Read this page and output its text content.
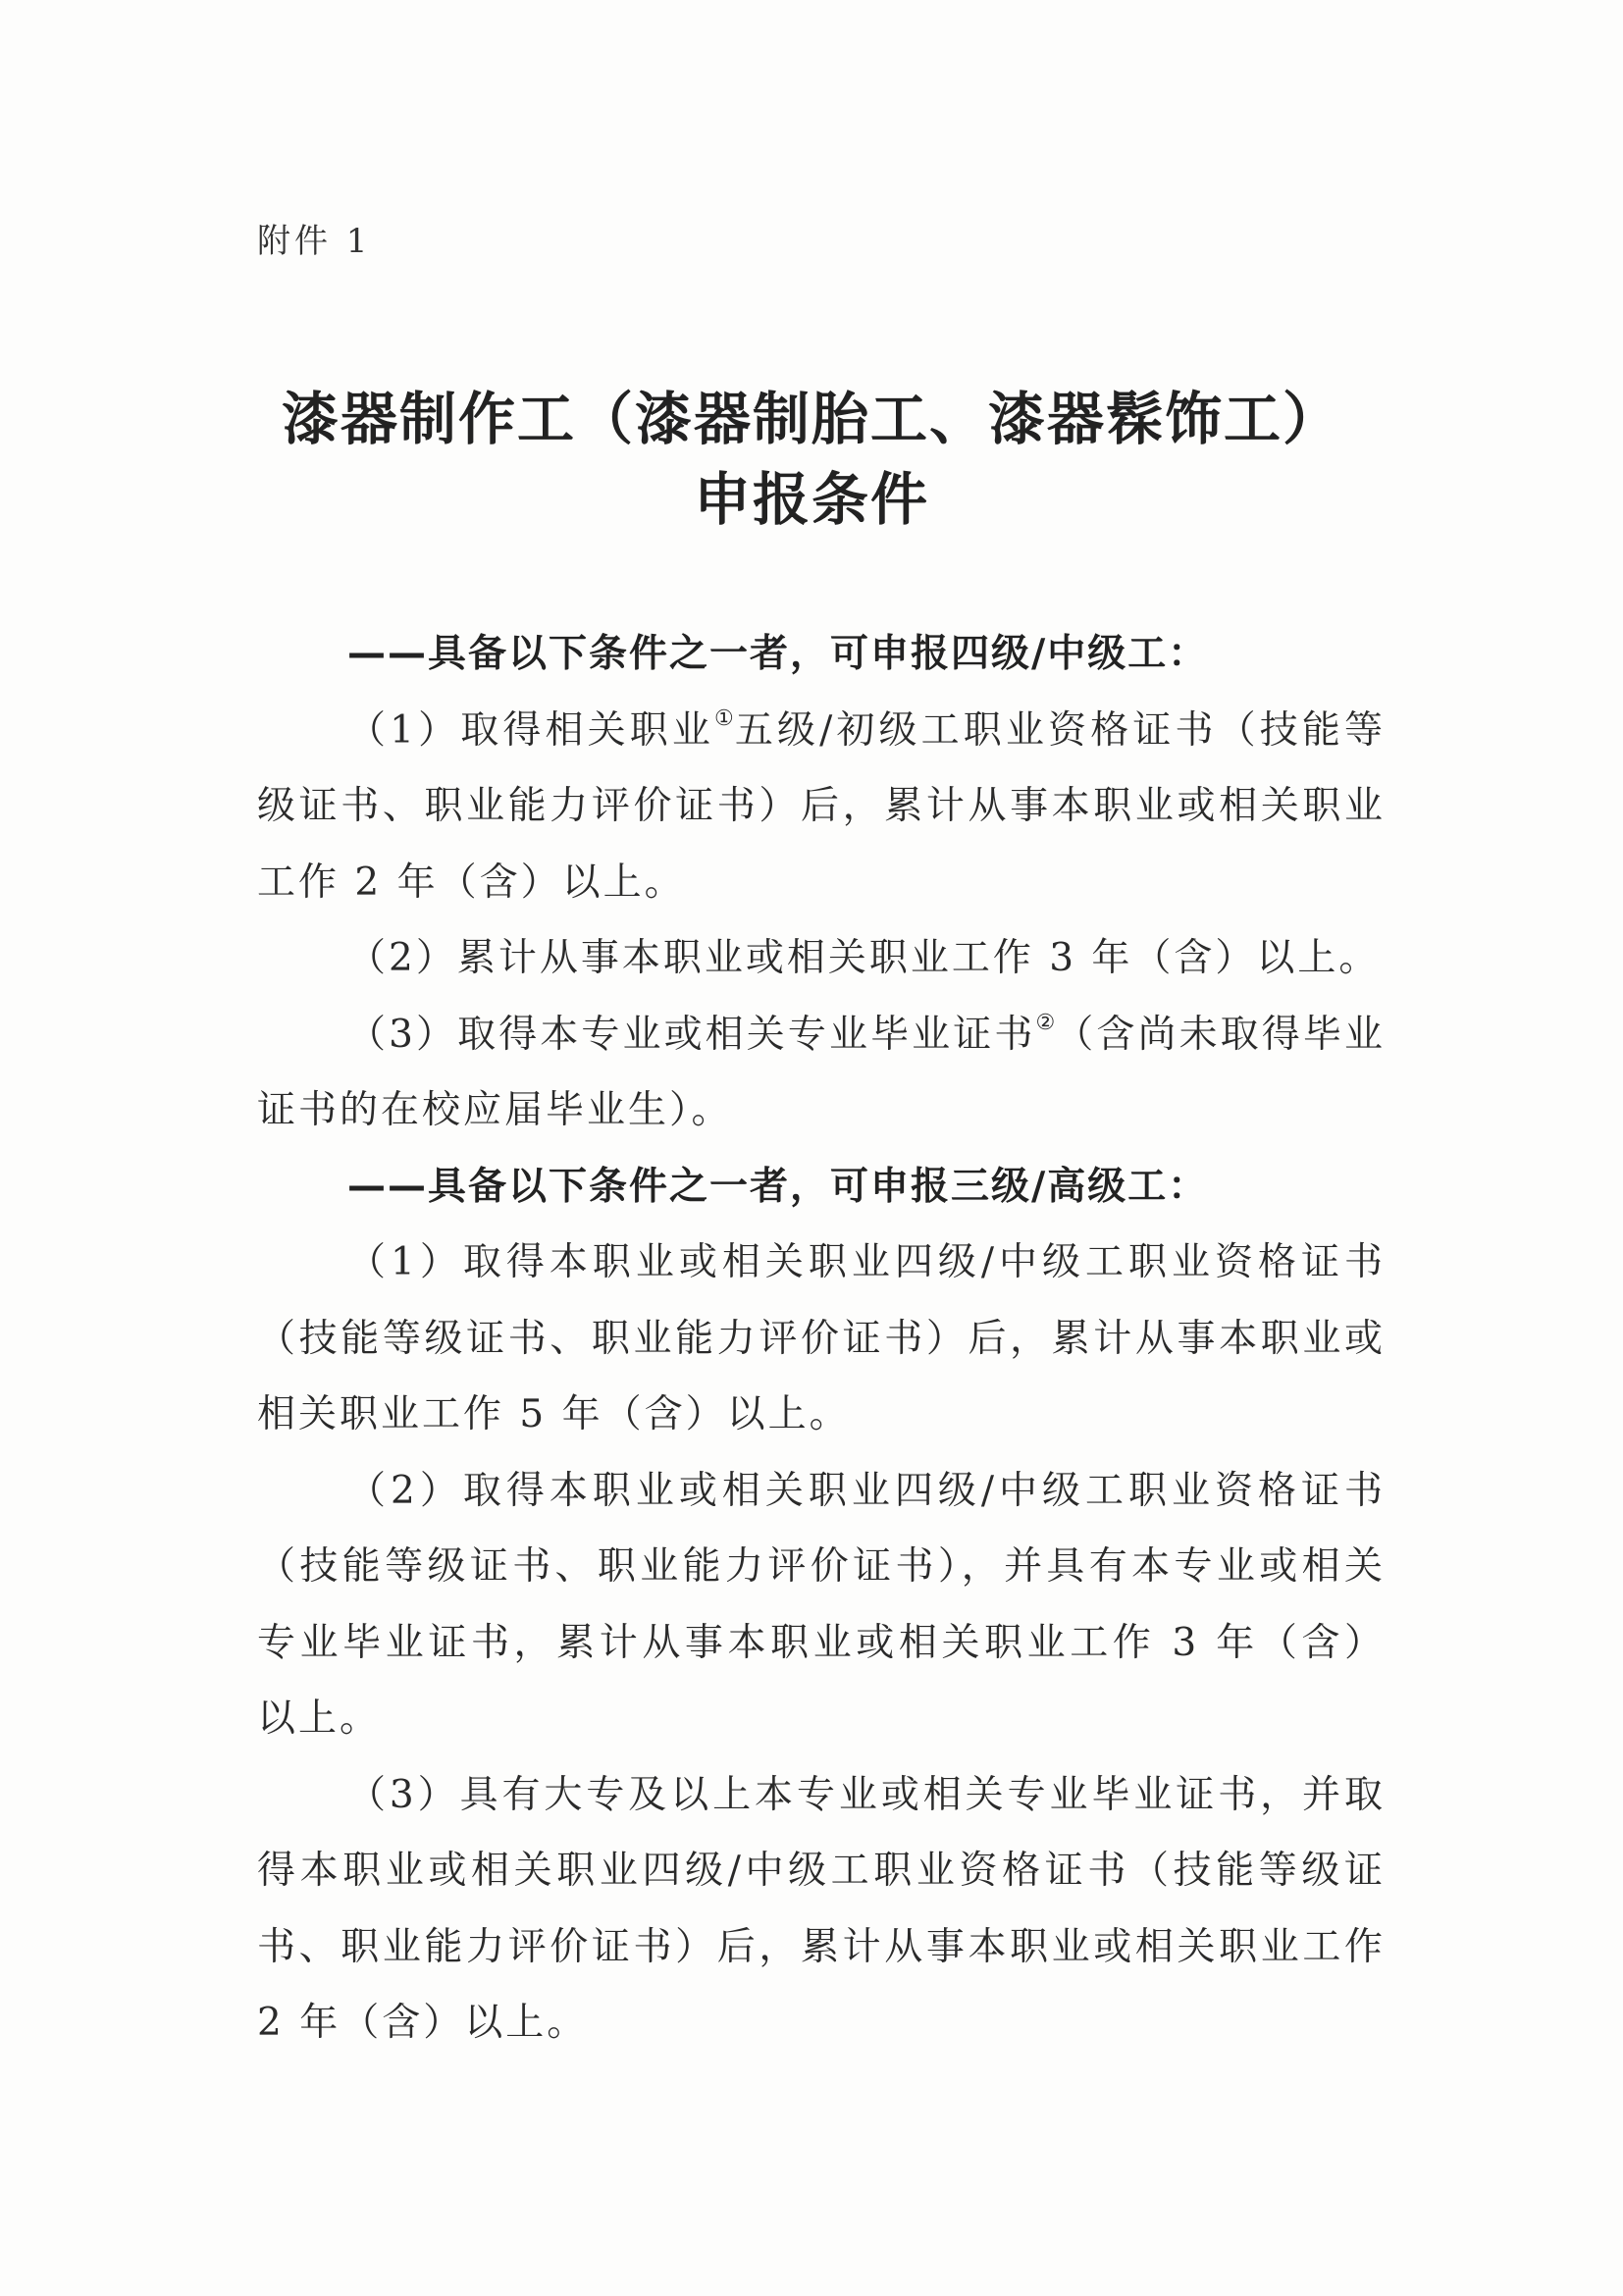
附件 1
漆器制作工（漆器制胎工、漆器髹饰工）
申报条件

——具备以下条件之一者，可申报四级/中级工：

（1）取得相关职业①五级/初级工职业资格证书（技能等级证书、职业能力评价证书）后，累计从事本职业或相关职业工作 2 年（含）以上。

（2）累计从事本职业或相关职业工作 3 年（含）以上。

（3）取得本专业或相关专业毕业证书②（含尚未取得毕业证书的在校应届毕业生）。

——具备以下条件之一者，可申报三级/高级工：

（1）取得本职业或相关职业四级/中级工职业资格证书（技能等级证书、职业能力评价证书）后，累计从事本职业或相关职业工作 5 年（含）以上。

（2）取得本职业或相关职业四级/中级工职业资格证书（技能等级证书、职业能力评价证书），并具有本专业或相关专业毕业证书，累计从事本职业或相关职业工作 3 年（含）以上。

（3）具有大专及以上本专业或相关专业毕业证书，并取得本职业或相关职业四级/中级工职业资格证书（技能等级证书、职业能力评价证书）后，累计从事本职业或相关职业工作 2 年（含）以上。
